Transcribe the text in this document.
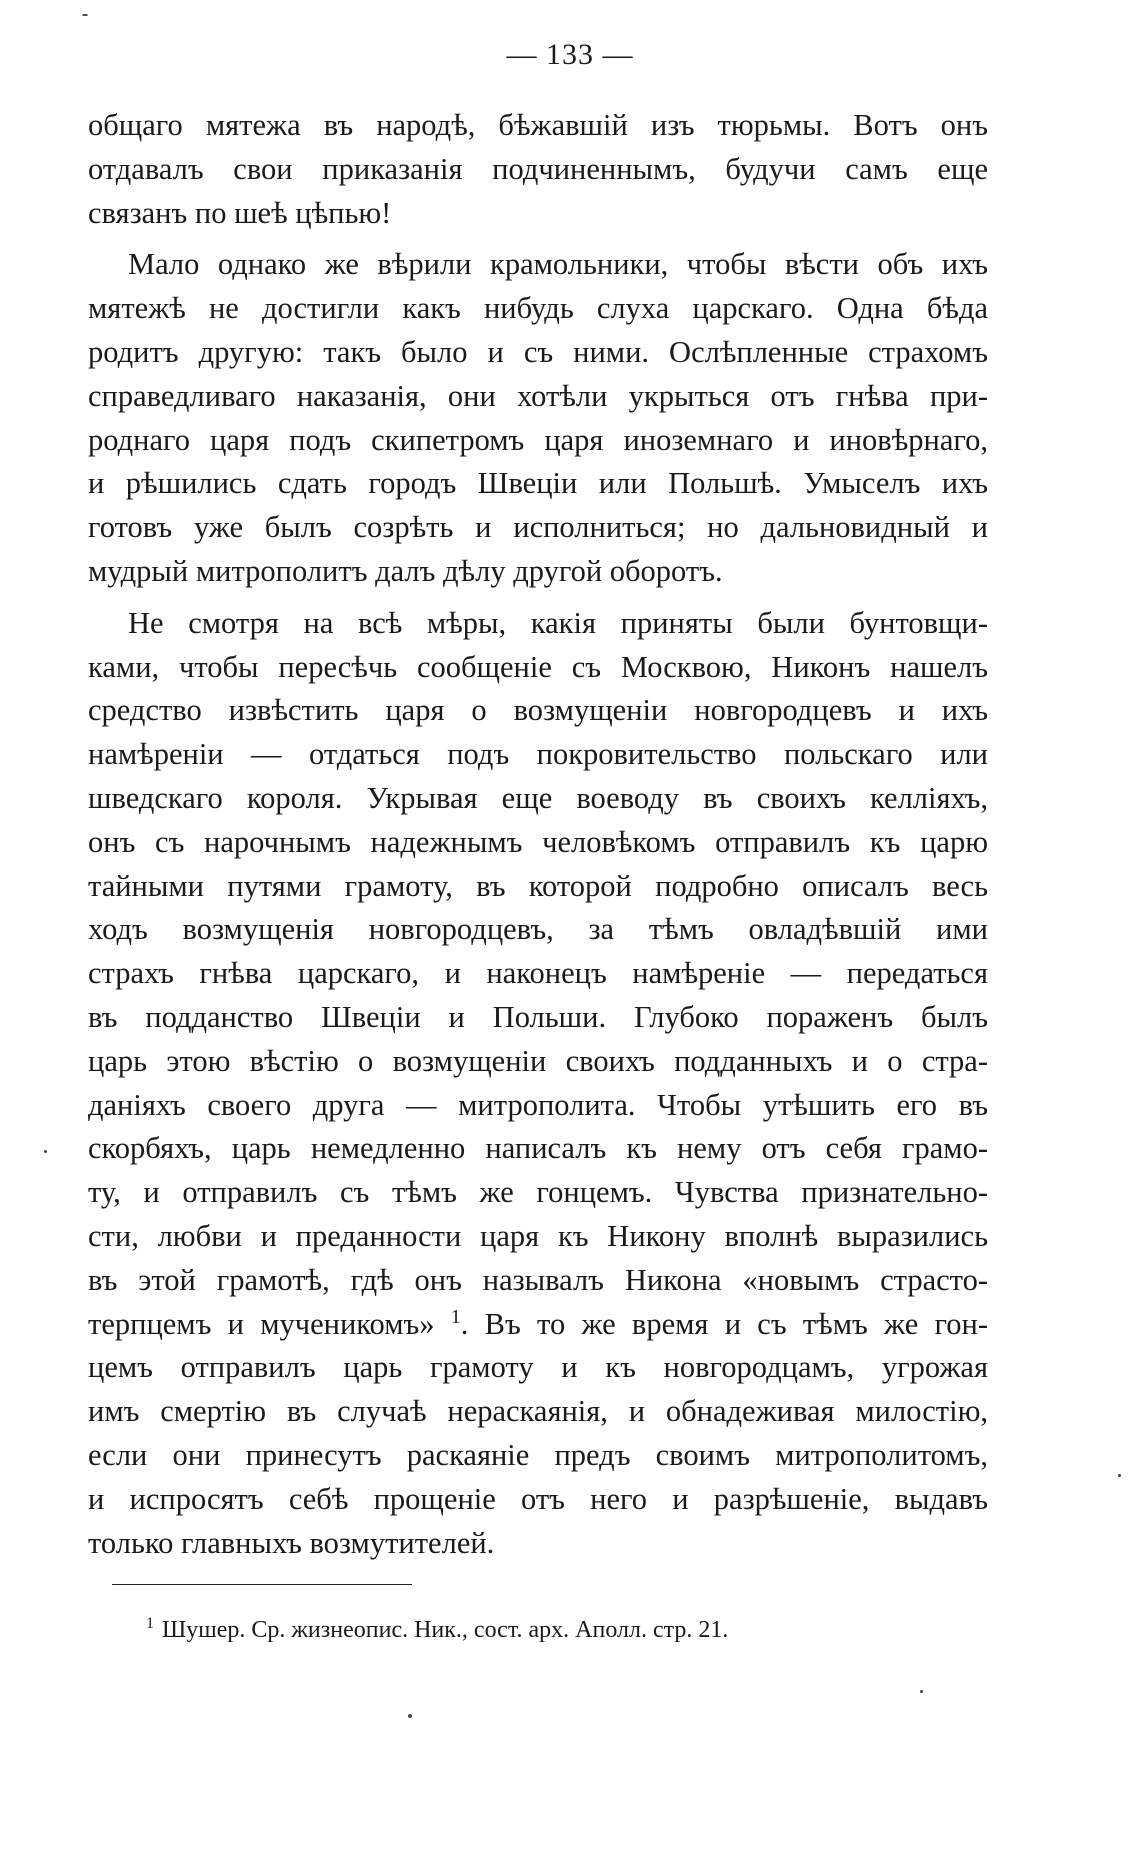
— 133 —

общаго мятежа въ народѣ, бѣжавшій изъ тюрьмы. Вотъ онъ
отдавалъ свои приказанія подчиненнымъ, будучи самъ еще
связанъ по шеѣ цѣпью!

Мало однако же вѣрили крамольники, чтобы вѣсти объ ихъ
мятежѣ не достигли какъ нибудь слуха царскаго. Одна бѣда
родитъ другую: такъ было и съ ними. Ослѣпленные страхомъ
справедливаго наказанія, они хотѣли укрыться отъ гнѣва при-
роднаго царя подъ скипетромъ царя иноземнаго и иновѣрнаго,
и рѣшились сдать городъ Швеціи или Польшѣ. Умыселъ ихъ
готовъ уже былъ созрѣть и исполниться; но дальновидный и
мудрый митрополитъ далъ дѣлу другой оборотъ.

Не смотря на всѣ мѣры, какія приняты были бунтовщи-
ками, чтобы пересѣчь сообщеніе съ Москвою, Никонъ нашелъ
средство извѣстить царя о возмущеніи новгородцевъ и ихъ
намѣреніи — отдаться подъ покровительство польскаго или
шведскаго короля. Укрывая еще воеводу въ своихъ келліяхъ,
онъ съ нарочнымъ надежнымъ человѣкомъ отправилъ къ царю
тайными путями грамоту, въ которой подробно описалъ весь
ходъ возмущенія новгородцевъ, за тѣмъ овладѣвшій ими
страхъ гнѣва царскаго, и наконецъ намѣреніе — передаться
въ подданство Швеціи и Польши. Глубоко пораженъ былъ
царь этою вѣстію о возмущеніи своихъ подданныхъ и о стра-
даніяхъ своего друга — митрополита. Чтобы утѣшить его въ
скорбяхъ, царь немедленно написалъ къ нему отъ себя грамо-
ту, и отправилъ съ тѣмъ же гонцемъ. Чувства признательно-
сти, любви и преданности царя къ Никону вполнѣ выразились
въ этой грамотѣ, гдѣ онъ называлъ Никона «новымъ страсто-
терпцемъ и мученикомъ» $^1$. Въ то же время и съ тѣмъ же гон-
цемъ отправилъ царь грамоту и къ новгородцамъ, угрожая
имъ смертію въ случаѣ нераскаянія, и обнадеживая милостію,
если они принесутъ раскаяніе предъ своимъ митрополитомъ,
и испросятъ себѣ прощеніе отъ него и разрѣшеніе, выдавъ
только главныхъ возмутителей.

$^1$ Шушер. Ср. жизнеопис. Ник., сост. арх. Аполл. стр. 21.
